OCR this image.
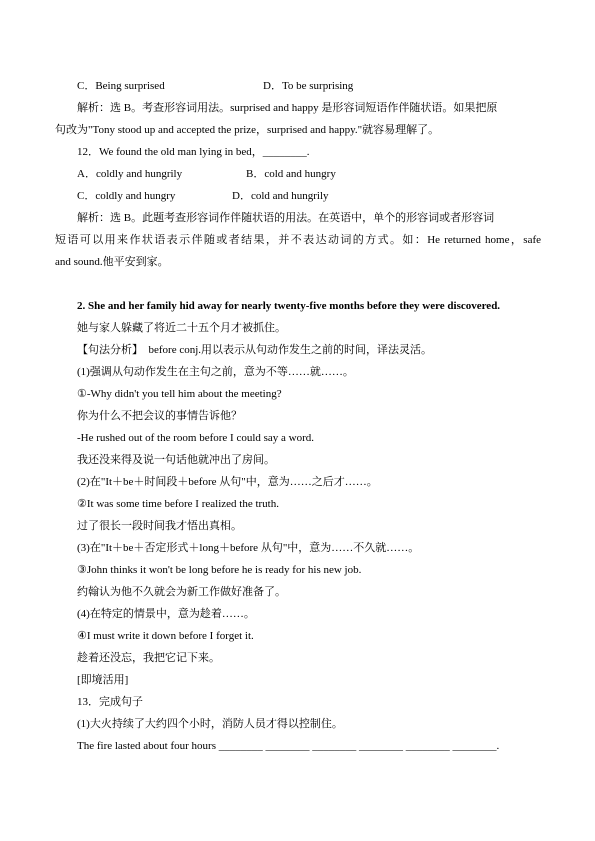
C．Being surprised	D．To be surprising
解析：选 B。考查形容词用法。surprised and happy 是形容词短语作伴随状语。如果把原
句改为"Tony stood up and accepted the prize，surprised and happy."就容易理解了。
12．We found the old man lying in bed，________.
A．coldly and hungrily	B．cold and hungry
C．coldly and hungry	D．cold and hungrily
解析：选 B。此题考查形容词作伴随状语的用法。在英语中，单个的形容词或者形容词
短语可以用来作状语表示伴随或者结果，并不表达动词的方式。如：He returned home，safe
and sound.他平安到家。
2. She and her family hid away for nearly twenty-five months before they were discovered.
她与家人躲藏了将近二十五个月才被抓住。
【句法分析】　before conj.用以表示从句动作发生之前的时间，译法灵活。
(1)强调从句动作发生在主句之前，意为不等……就……。
①-Why didn't you tell him about the meeting?
你为什么不把会议的事情告诉他？
-He rushed out of the room before I could say a word.
我还没来得及说一句话他就冲出了房间。
(2)在"It＋be＋时间段＋before 从句"中，意为……之后才……。
②It was some time before I realized the truth.
过了很长一段时间我才悟出真相。
(3)在"It＋be＋否定形式＋long＋before 从句"中，意为……不久就……。
③John thinks it won't be long before he is ready for his new job.
约翰认为他不久就会为新工作做好准备了。
(4)在特定的情景中，意为趁着……。
④I must write it down before I forget it.
趁着还没忘，我把它记下来。
[即境活用]
13．完成句子
(1)大火持续了大约四个小时，消防人员才得以控制住。
The fire lasted about four hours ________ ________ ________ ________ ________ ________.
